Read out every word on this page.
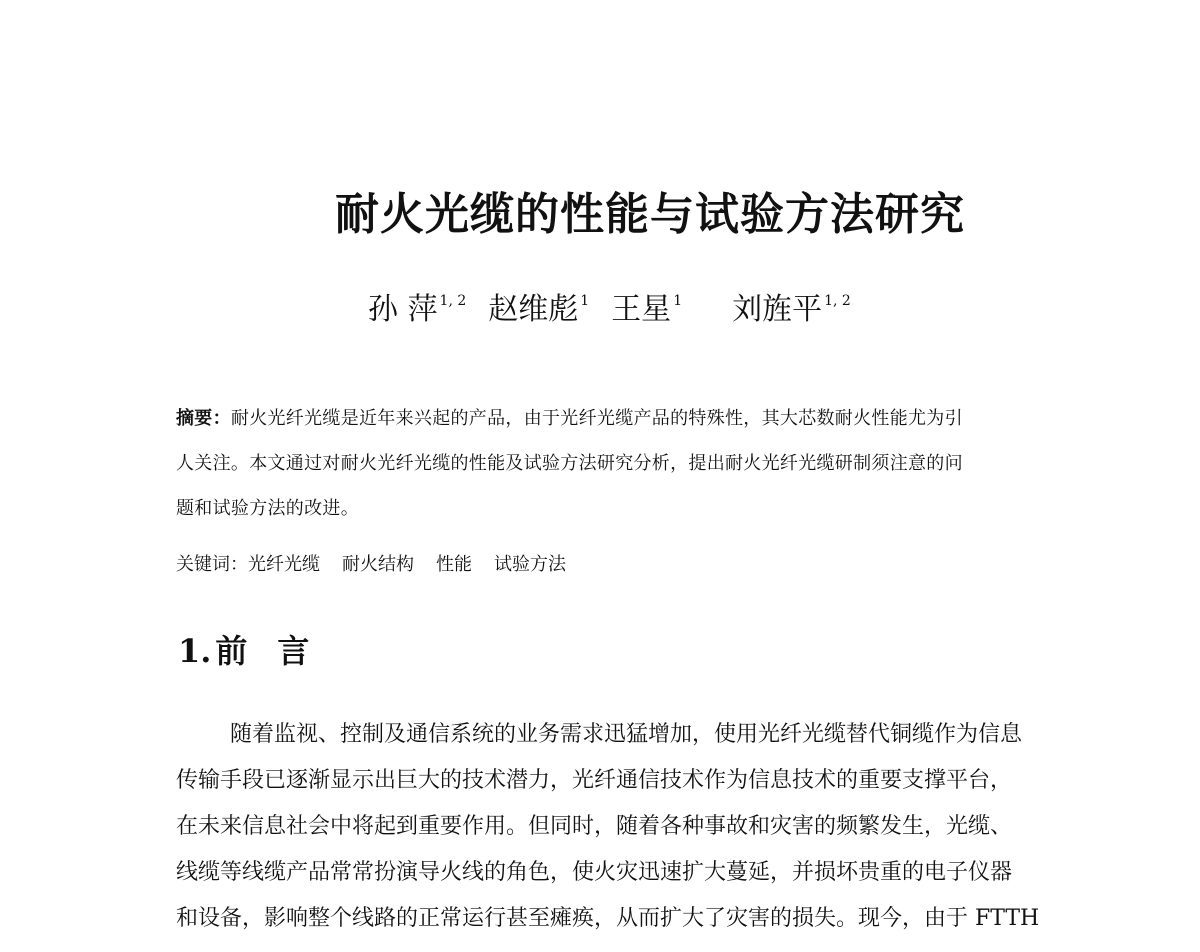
耐火光缆的性能与试验方法研究
孙 萍 $^{1, 2}$ 赵维彪 $^1$ 王星 $^1$ 刘旌平 $^{1, 2}$
摘要：耐火光纤光缆是近年来兴起的产品，由于光纤光缆产品的特殊性，其大芯数耐火性能尤为引
人关注。本文通过对耐火光纤光缆的性能及试验方法研究分析，提出耐火光纤光缆研制须注意的问
题和试验方法的改进。
关键词：光纤光缆 耐火结构 性能 试验方法
1. 前 言
随着监视、控制及通信系统的业务需求迅猛增加，使用光纤光缆替代铜缆作为信息
传输手段已逐渐显示出巨大的技术潜力，光纤通信技术作为信息技术的重要支撑平台，
在未来信息社会中将起到重要作用。但同时，随着各种事故和灾害的频繁发生，光缆、
线缆等线缆产品常常扮演导火线的角色，使火灾迅速扩大蔓延，并损坏贵重的电子仪器
和设备，影响整个线路的正常运行甚至瘫痪，从而扩大了灾害的损失。现今，由于 FTTH
